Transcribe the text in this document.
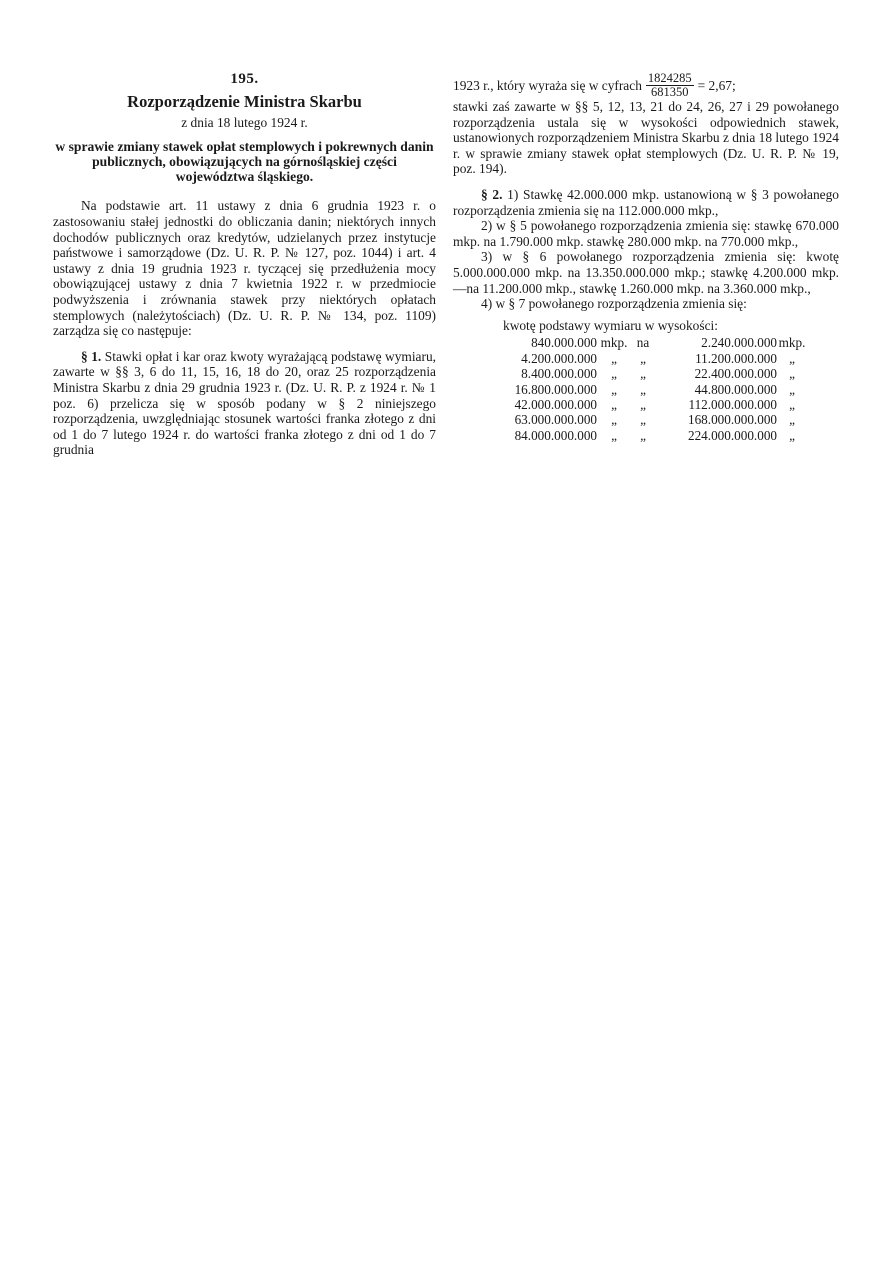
195.
Rozporządzenie Ministra Skarbu
z dnia 18 lutego 1924 r.
w sprawie zmiany stawek opłat stemplowych i pokrewnych danin publicznych, obowiązujących na górnośląskiej części województwa śląskiego.

Na podstawie art. 11 ustawy z dnia 6 grudnia 1923 r. o zastosowaniu stałej jednostki do obliczania danin; niektórych innych dochodów publicznych oraz kredytów, udzielanych przez instytucje państwowe i samorządowe (Dz. U. R. P. № 127, poz. 1044) i art. 4 ustawy z dnia 19 grudnia 1923 r. tyczącej się przedłużenia mocy obowiązującej ustawy z dnia 7 kwietnia 1922 r. w przedmiocie podwyższenia i zrównania stawek przy niektórych opłatach stemplowych (należytościach) (Dz. U. R. P. № 134, poz. 1109) zarządza się co następuje:

§ 1. Stawki opłat i kar oraz kwoty wyrażającą podstawę wymiaru, zawarte w §§ 3, 6 do 11, 15, 16, 18 do 20, oraz 25 rozporządzenia Ministra Skarbu z dnia 29 grudnia 1923 r. (Dz. U. R. P. z 1924 r. № 1 poz. 6) przelicza się w sposób podany w § 2 niniejszego rozporządzenia, uwzględniając stosunek wartości franka złotego z dni od 1 do 7 lutego 1924 r. do wartości franka złotego z dni od 1 do 7 grudnia

1923 r., który wyraża się w cyfrach $\frac{1824285}{681350} = 2,67$;

stawki zaś zawarte w §§ 5, 12, 13, 21 do 24, 26, 27 i 29 powołanego rozporządzenia ustala się w wysokości odpowiednich stawek, ustanowionych rozporządzeniem Ministra Skarbu z dnia 18 lutego 1924 r. w sprawie zmiany stawek opłat stemplowych (Dz. U. R. P. № 19, poz. 194).

§ 2. 1) Stawkę 42.000.000 mkp. ustanowioną w § 3 powołanego rozporządzenia zmienia się na 112.000.000 mkp.,

2) w § 5 powołanego rozporządzenia zmienia się: stawkę 670.000 mkp. na 1.790.000 mkp. stawkę 280.000 mkp. na 770.000 mkp.,

3) w § 6 powołanego rozporządzenia zmienia się: kwotę 5.000.000.000 mkp. na 13.350.000.000 mkp.; stawkę 4.200.000 mkp.—na 11.200.000 mkp., stawkę 1.260.000 mkp. na 3.360.000 mkp.,

4) w § 7 powołanego rozporządzenia zmienia się:

kwotę podstawy wymiaru w wysokości:
840.000.000	mkp.	na	2.240.000.000	mkp.
4.200.000.000	„	„	11.200.000.000	„
8.400.000.000	„	„	22.400.000.000	„
16.800.000.000	„	„	44.800.000.000	„
42.000.000.000	„	„	112.000.000.000	„
63.000.000.000	„	„	168.000.000.000	„
84.000.000.000	„	„	224.000.000.000	„
